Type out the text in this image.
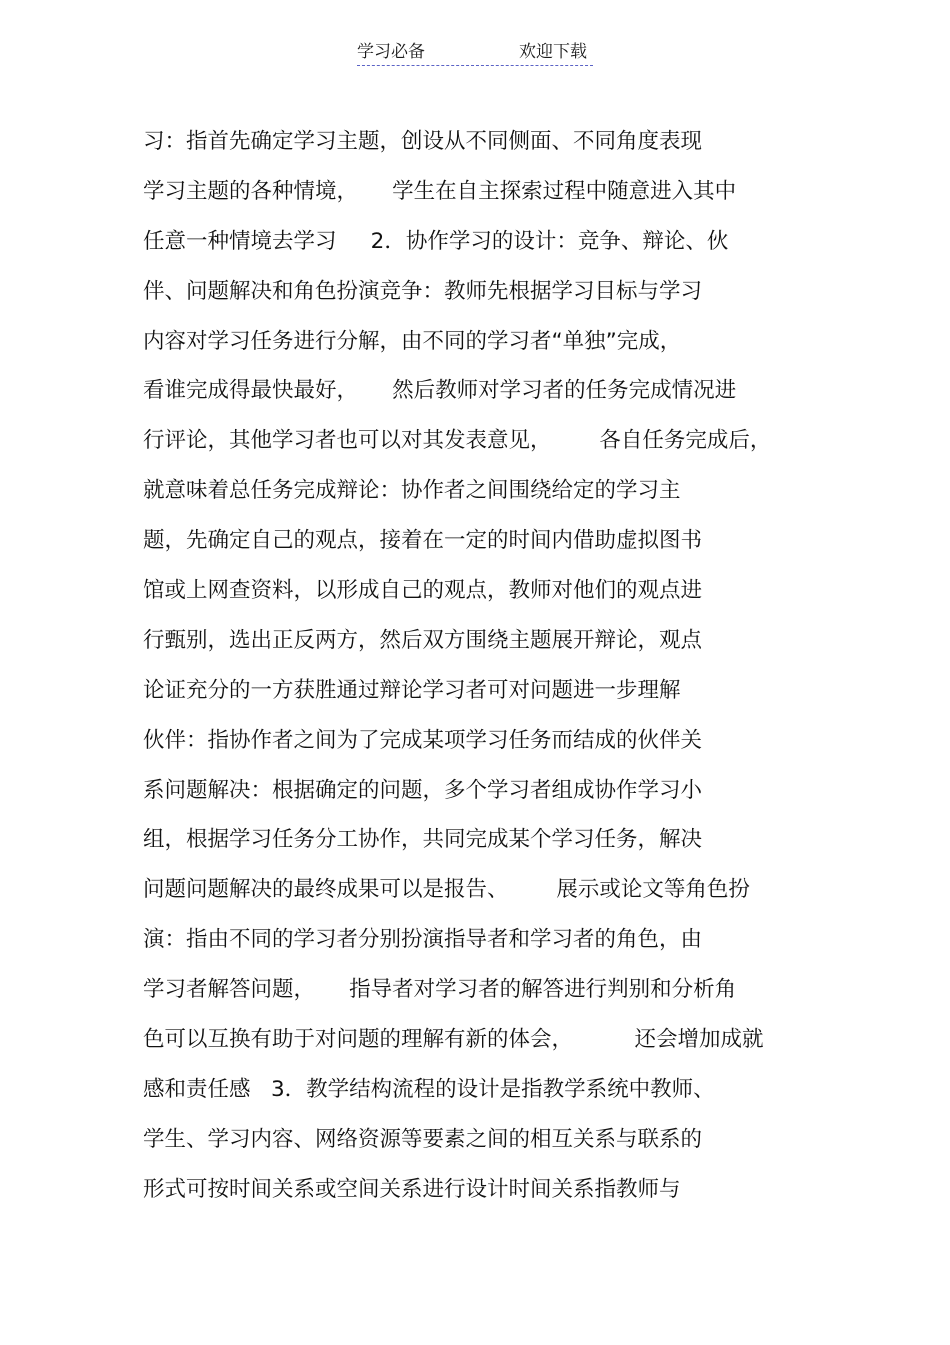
学习必备	欢迎下载
习：指首先确定学习主题，创设从不同侧面、不同角度表现
学习主题的各种情境，     学生在自主探索过程中随意进入其中
任意一种情境去学习     2．协作学习的设计：竞争、辩论、伙
伴、问题解决和角色扮演竞争：教师先根据学习目标与学习
内容对学习任务进行分解，由不同的学习者“单独”完成，
看谁完成得最快最好，     然后教师对学习者的任务完成情况进
行评论，其他学习者也可以对其发表意见，       各自任务完成后，
就意味着总任务完成辩论：协作者之间围绕给定的学习主
题，先确定自己的观点，接着在一定的时间内借助虚拟图书
馆或上网查资料，以形成自己的观点，教师对他们的观点进
行甄别，选出正反两方，然后双方围绕主题展开辩论，观点
论证充分的一方获胜通过辩论学习者可对问题进一步理解
伙伴：指协作者之间为了完成某项学习任务而结成的伙伴关
系问题解决：根据确定的问题，多个学习者组成协作学习小
组，根据学习任务分工协作，共同完成某个学习任务，解决
问题问题解决的最终成果可以是报告、       展示或论文等角色扮
演：指由不同的学习者分别扮演指导者和学习者的角色，由
学习者解答问题，     指导者对学习者的解答进行判别和分析角
色可以互换有助于对问题的理解有新的体会，         还会增加成就
感和责任感   3．教学结构流程的设计是指教学系统中教师、
学生、学习内容、网络资源等要素之间的相互关系与联系的
形式可按时间关系或空间关系进行设计时间关系指教师与
